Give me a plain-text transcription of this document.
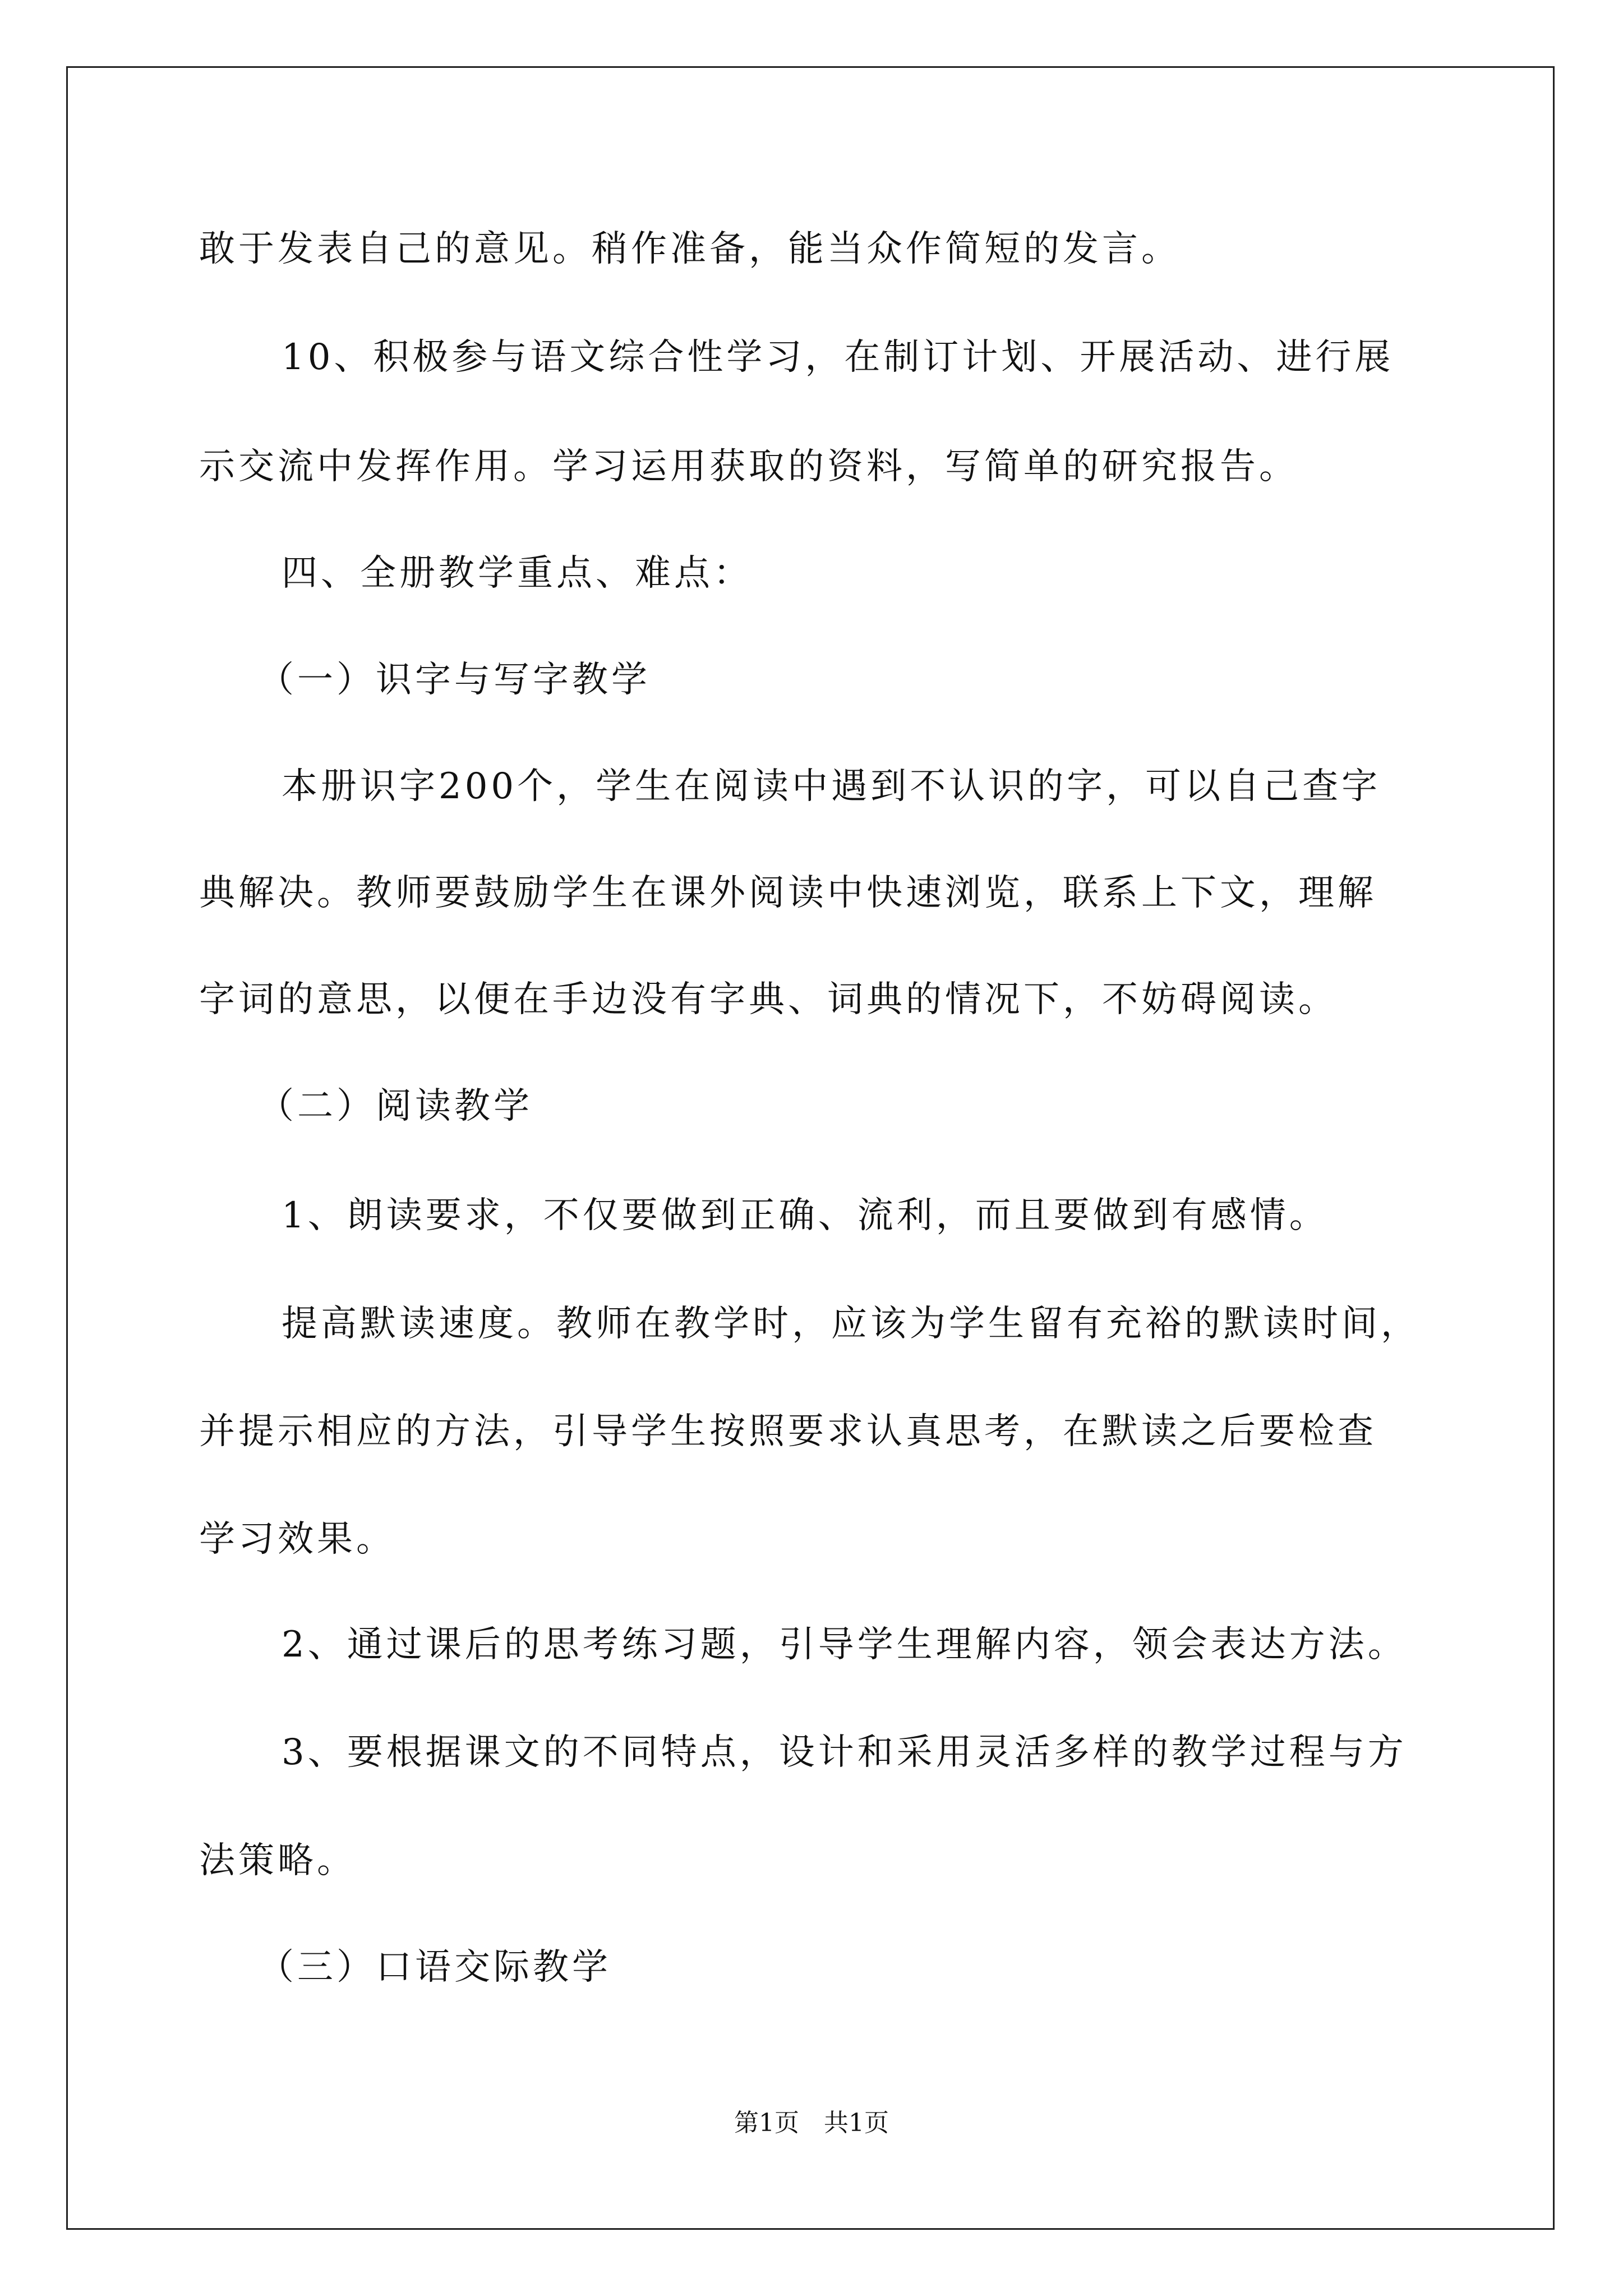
敢于发表自己的意见。稍作准备，能当众作简短的发言。
10、积极参与语文综合性学习，在制订计划、开展活动、进行展
示交流中发挥作用。学习运用获取的资料，写简单的研究报告。
四、全册教学重点、难点：
（一）识字与写字教学
本册识字200个，学生在阅读中遇到不认识的字，可以自己查字
典解决。教师要鼓励学生在课外阅读中快速浏览，联系上下文，理解
字词的意思，以便在手边没有字典、词典的情况下，不妨碍阅读。
（二）阅读教学
1、朗读要求，不仅要做到正确、流利，而且要做到有感情。
提高默读速度。教师在教学时，应该为学生留有充裕的默读时间，
并提示相应的方法，引导学生按照要求认真思考，在默读之后要检查
学习效果。
2、通过课后的思考练习题，引导学生理解内容，领会表达方法。
3、要根据课文的不同特点，设计和采用灵活多样的教学过程与方
法策略。
（三）口语交际教学
第1页　共1页
